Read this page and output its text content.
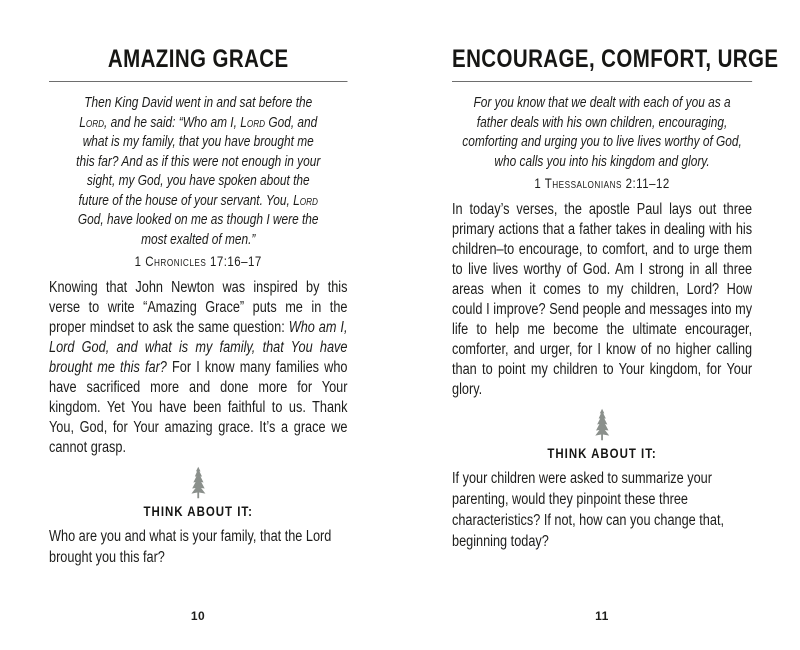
AMAZING GRACE

Then King David went in and sat before the Lord, and he said: “Who am I, Lord God, and what is my family, that you have brought me this far? And as if this were not enough in your sight, my God, you have spoken about the future of the house of your servant. You, Lord God, have looked on me as though I were the most exalted of men.”

1 Chronicles 17:16–17

Knowing that John Newton was inspired by this verse to write “Amazing Grace” puts me in the proper mindset to ask the same question: Who am I, Lord God, and what is my family, that You have brought me this far? For I know many families who have sacrificed more and done more for Your kingdom. Yet You have been faithful to us. Thank You, God, for Your amazing grace. It’s a grace we cannot grasp.

THINK ABOUT IT:

Who are you and what is your family, that the Lord brought you this far?

10
ENCOURAGE, COMFORT, URGE

For you know that we dealt with each of you as a father deals with his own children, encouraging, comforting and urging you to live lives worthy of God, who calls you into his kingdom and glory.

1 Thessalonians 2:11–12

In today’s verses, the apostle Paul lays out three primary actions that a father takes in dealing with his children–to encourage, to comfort, and to urge them to live lives worthy of God. Am I strong in all three areas when it comes to my children, Lord? How could I improve? Send people and messages into my life to help me become the ultimate encourager, comforter, and urger, for I know of no higher calling than to point my children to Your kingdom, for Your glory.

THINK ABOUT IT:

If your children were asked to summarize your parenting, would they pinpoint these three characteristics? If not, how can you change that, beginning today?

11
